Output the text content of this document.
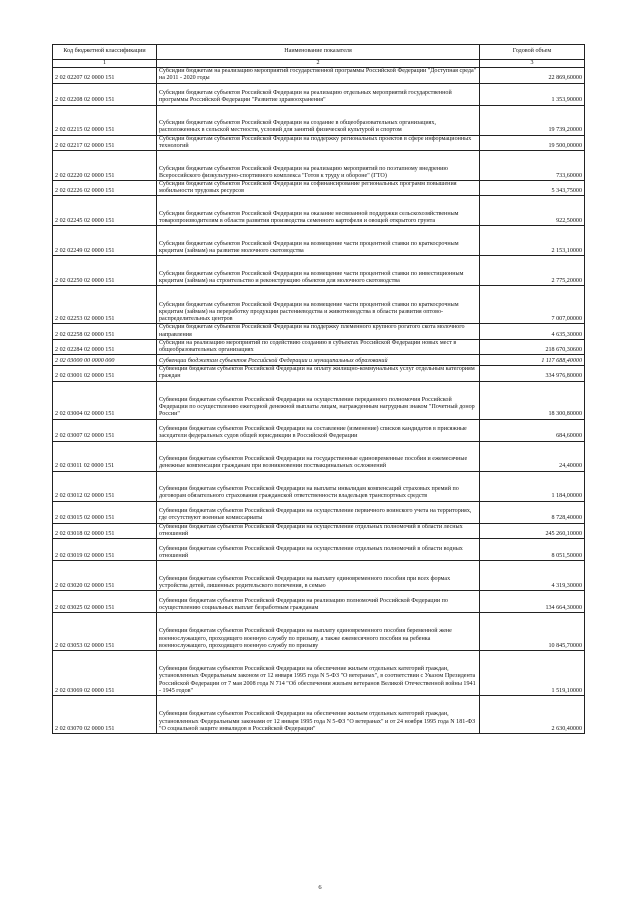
Код бюджетной классификации	Наименование показателя	Годовой объем
1	2	3
2 02 02207 02 0000 151	Субсидии бюджетам на реализацию мероприятий государственной программы Российской Федерации "Доступная среда" на 2011 - 2020 годы	22 869,60000
2 02 02208 02 0000 151	Субсидии бюджетам субъектов Российской Федерации на реализацию отдельных мероприятий государственной программы Российской Федерации "Развитие здравоохранения"	1 353,90000
2 02 02215 02 0000 151	Субсидии бюджетам субъектов Российской Федерации на создание в общеобразовательных организациях, расположенных в сельской местности, условий для занятий физической культурой и спортом	19 739,20000
2 02 02217 02 0000 151	Субсидии бюджетам субъектов Российской Федерации на поддержку региональных проектов в сфере информационных технологий	19 500,00000
2 02 02220 02 0000 151	Субсидии бюджетам субъектов Российской Федерации на реализацию мероприятий по поэтапному внедрению Всероссийского физкультурно-спортивного комплекса "Готов к труду и обороне" (ГТО)	733,60000
2 02 02226 02 0000 151	Субсидии бюджетам субъектов Российской Федерации на софинансирование региональных программ повышения мобильности трудовых ресурсов	5 343,75000
2 02 02245 02 0000 151	Субсидии бюджетам субъектов Российской Федерации на оказание несвязанной поддержки сельскохозяйственным товаропроизводителям в области развития производства семенного картофеля и овощей открытого грунта	922,50000
2 02 02249 02 0000 151	Субсидии бюджетам субъектов Российской Федерации на возмещение части процентной ставки по краткосрочным кредитам (займам) на развитие молочного скотоводства	2 153,10000
2 02 02250 02 0000 151	Субсидии бюджетам субъектов Российской Федерации на возмещение части процентной ставки по инвестиционным кредитам (займам) на строительство и реконструкцию объектов для молочного скотоводства	2 775,20000
2 02 02253 02 0000 151	Субсидии бюджетам субъектов Российской Федерации на возмещение части процентной ставки по краткосрочным кредитам (займам) на переработку продукции растениеводства и животноводства в области развития оптово-распределительных центров	7 007,00000
2 02 02258 02 0000 151	Субсидии бюджетам субъектов Российской Федерации на поддержку племенного крупного рогатого скота молочного направления	4 635,30000
2 02 02284 02 0000 151	Субсидии на реализацию мероприятий по содействию созданию в субъектах Российской Федерации новых мест в общеобразовательных организациях	218 670,30600
2 02 03000 00 0000 000	Субвенции бюджетам субъектов Российской Федерации и муниципальных образований	1 117 688,40000
2 02 03001 02 0000 151	Субвенции бюджетам субъектов Российской Федерации на оплату жилищно-коммунальных услуг отдельным категориям граждан	334 976,80000
2 02 03004 02 0000 151	Субвенции бюджетам субъектов Российской Федерации на осуществление переданного полномочия Российской Федерации по осуществлению ежегодной денежной выплаты лицам, награжденным нагрудным знаком "Почетный донор России"	18 300,80000
2 02 03007 02 0000 151	Субвенции бюджетам субъектов Российской Федерации на составление (изменение) списков кандидатов в присяжные заседатели федеральных судов общей юрисдикции в Российской Федерации	684,60000
2 02 03011 02 0000 151	Субвенции бюджетам субъектов Российской Федерации на государственные единовременные пособия и ежемесячные денежные компенсации гражданам при возникновении поствакцинальных осложнений	24,40000
2 02 03012 02 0000 151	Субвенции бюджетам субъектов Российской Федерации на выплаты инвалидам компенсаций страховых премий по договорам обязательного страхования гражданской ответственности владельцев транспортных средств	1 184,00000
2 02 03015 02 0000 151	Субвенции бюджетам субъектов Российской Федерации на осуществление первичного воинского учета на территориях, где отсутствуют военные комиссариаты	8 728,40000
2 02 03018 02 0000 151	Субвенции бюджетам субъектов Российской Федерации на осуществление отдельных полномочий в области лесных отношений	245 260,10000
2 02 03019 02 0000 151	Субвенции бюджетам субъектов Российской Федерации на осуществление отдельных полномочий в области водных отношений	8 051,50000
2 02 03020 02 0000 151	Субвенции бюджетам субъектов Российской Федерации на выплату единовременного пособия при всех формах устройства детей, лишенных родительского попечения, в семью	4 319,30000
2 02 03025 02 0000 151	Субвенции бюджетам субъектов Российской Федерации на реализацию полномочий Российской Федерации по осуществлению социальных выплат безработным гражданам	134 664,30000
2 02 03053 02 0000 151	Субвенции бюджетам субъектов Российской Федерации на выплату единовременного пособия беременной жене военнослужащего, проходящего военную службу по призыву, а также ежемесячного пособия на ребенка военнослужащего, проходящего военную службу по призыву	10 845,70000
2 02 03069 02 0000 151	Субвенции бюджетам субъектов Российской Федерации на обеспечение жильем отдельных категорий граждан, установленных Федеральным законом от 12 января 1995 года N 5-ФЗ "О ветеранах", в соответствии с Указом Президента Российской Федерации от 7 мая 2008 года N 714 "Об обеспечении жильем ветеранов Великой Отечественной войны 1941 - 1945 годов"	1 519,10000
2 02 03070 02 0000 151	Субвенции бюджетам субъектов Российской Федерации на обеспечение жильем отдельных категорий граждан, установленных Федеральными законами от 12 января 1995 года N 5-ФЗ "О ветеранах" и от 24 ноября 1995 года N 181-ФЗ "О социальной защите инвалидов в Российской Федерации"	2 630,40000
6
